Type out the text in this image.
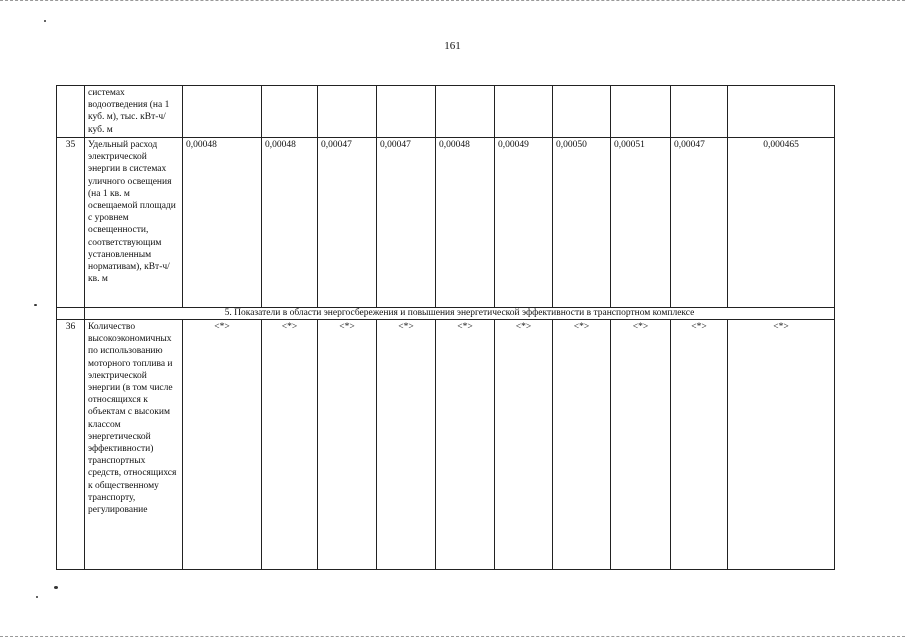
161
	системах водоотведения (на 1 куб. м), тыс. кВт-ч/куб. м										
35	Удельный расход электрической энергии в системах уличного освещения (на 1 кв. м освещаемой площади с уровнем освещенности, соответствующим установленным нормативам), кВт-ч/кв. м	0,00048	0,00048	0,00047	0,00047	0,00048	0,00049	0,00050	0,00051	0,00047	0,000465
	5. Показатели в области энергосбережения и повышения энергетической эффективности в транспортном комплексе										
36	Количество высокоэкономичных по использованию моторного топлива и электрической энергии (в том числе относящихся к объектам с высоким классом энергетической эффективности) транспортных средств, относящихся к общественному транспорту, регулирование	<*>	<*>	<*>	<*>	<*>	<*>	<*>	<*>	<*>	<*>
